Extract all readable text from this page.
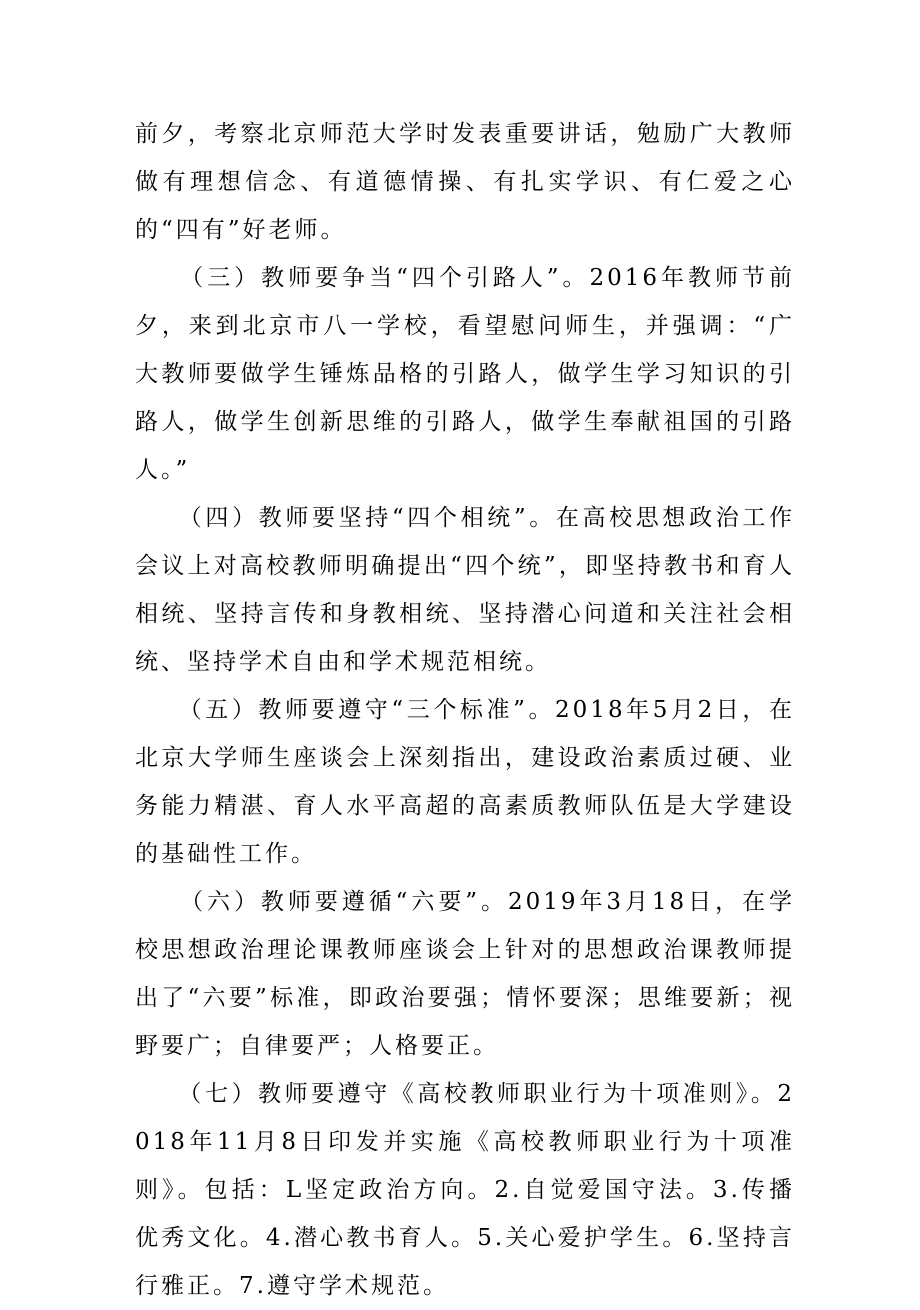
前夕，考察北京师范大学时发表重要讲话，勉励广大教师做有理想信念、有道德情操、有扎实学识、有仁爱之心的“四有”好老师。

（三）教师要争当“四个引路人”。2016年教师节前夕，来到北京市八一学校，看望慰问师生，并强调：“广大教师要做学生锤炼品格的引路人，做学生学习知识的引路人，做学生创新思维的引路人，做学生奉献祖国的引路人。”

（四）教师要坚持“四个相统”。在高校思想政治工作会议上对高校教师明确提出“四个统”，即坚持教书和育人相统、坚持言传和身教相统、坚持潜心问道和关注社会相统、坚持学术自由和学术规范相统。

（五）教师要遵守“三个标准”。2018年5月2日，在北京大学师生座谈会上深刻指出，建设政治素质过硬、业务能力精湛、育人水平高超的高素质教师队伍是大学建设的基础性工作。

（六）教师要遵循“六要”。2019年3月18日，在学校思想政治理论课教师座谈会上针对的思想政治课教师提出了“六要”标准，即政治要强；情怀要深；思维要新；视野要广；自律要严；人格要正。

（七）教师要遵守《高校教师职业行为十项准则》。2018年11月8日印发并实施《高校教师职业行为十项准则》。包括：L坚定政治方向。2.自觉爱国守法。3.传播优秀文化。4.潜心教书育人。5.关心爱护学生。6.坚持言行雅正。7.遵守学术规范。
